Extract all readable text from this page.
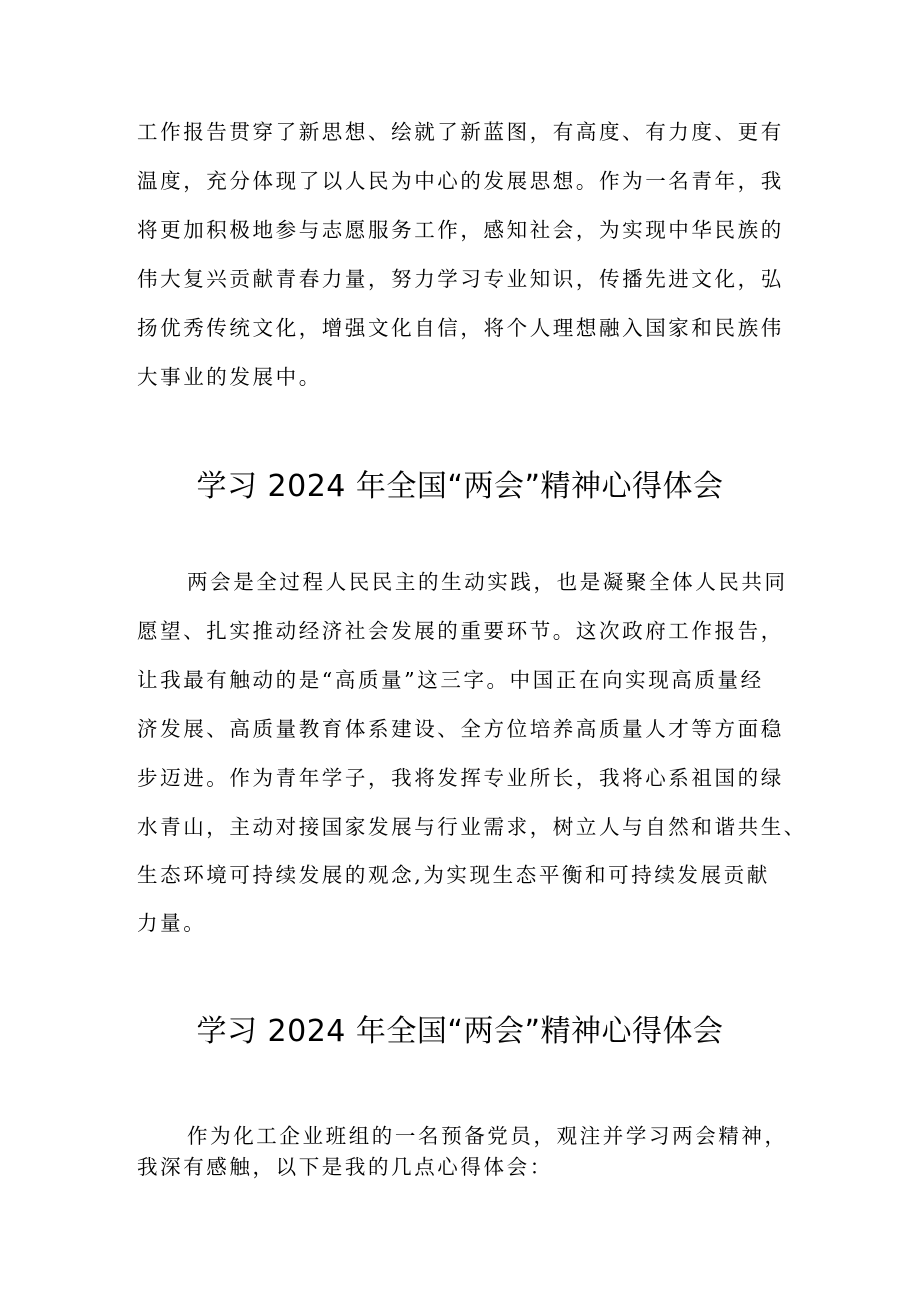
工作报告贯穿了新思想、绘就了新蓝图，有高度、有力度、更有
温度，充分体现了以人民为中心的发展思想。作为一名青年，我
将更加积极地参与志愿服务工作，感知社会，为实现中华民族的
伟大复兴贡献青春力量，努力学习专业知识，传播先进文化，弘
扬优秀传统文化，增强文化自信，将个人理想融入国家和民族伟
大事业的发展中。
学习 2024 年全国“两会”精神心得体会
两会是全过程人民民主的生动实践，也是凝聚全体人民共同
愿望、扎实推动经济社会发展的重要环节。这次政府工作报告，
让我最有触动的是“高质量”这三字。中国正在向实现高质量经
济发展、高质量教育体系建设、全方位培养高质量人才等方面稳
步迈进。作为青年学子，我将发挥专业所长，我将心系祖国的绿
水青山，主动对接国家发展与行业需求，树立人与自然和谐共生、
生态环境可持续发展的观念,为实现生态平衡和可持续发展贡献
力量。
学习 2024 年全国“两会”精神心得体会
作为化工企业班组的一名预备党员，观注并学习两会精神，
我深有感触，以下是我的几点心得体会：
